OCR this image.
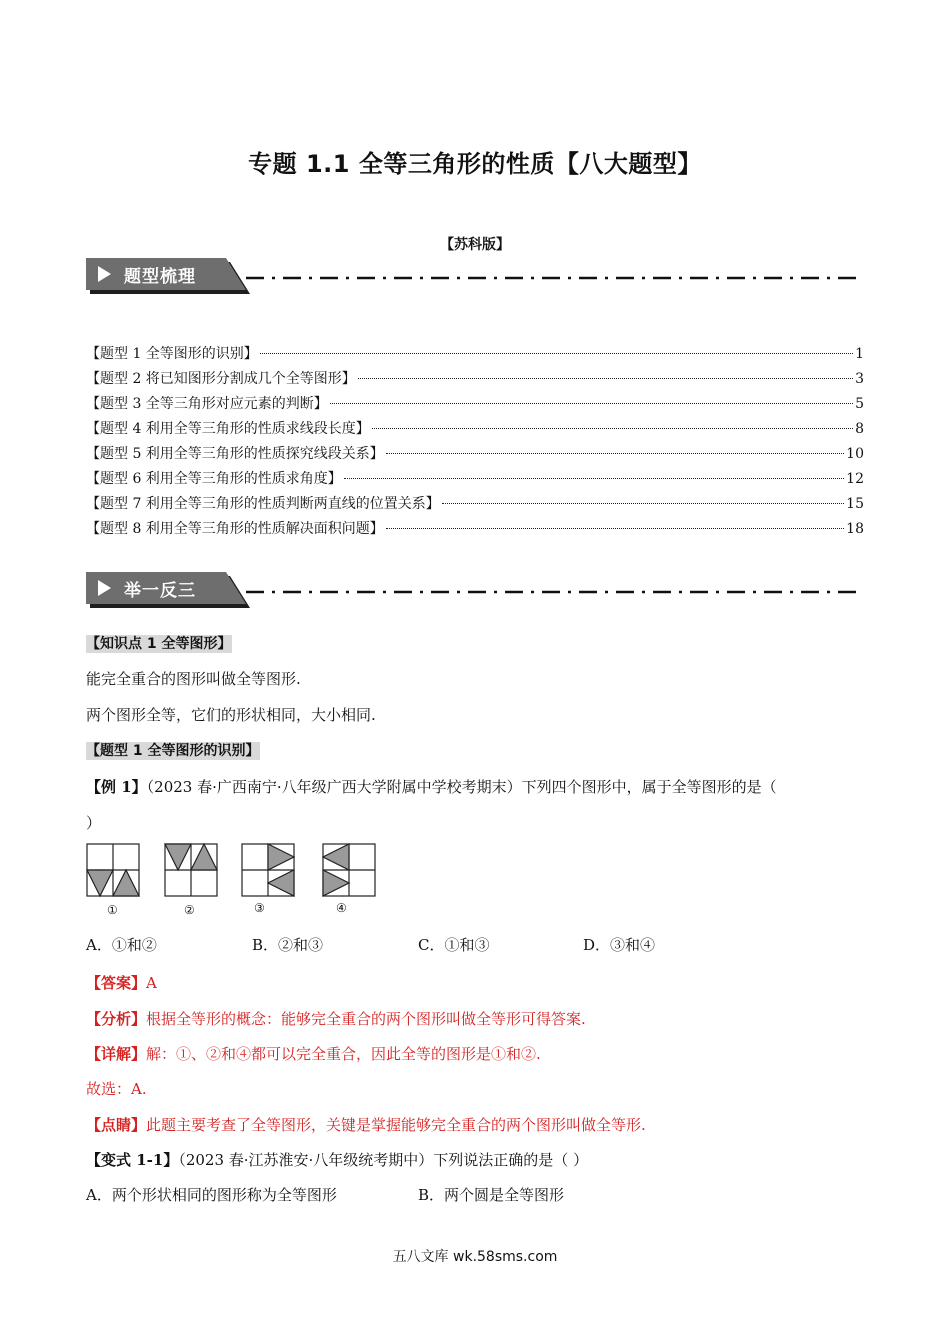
专题 1.1 全等三角形的性质【八大题型】
【苏科版】
题型梳理
【题型 1 全等图形的识别】	1
【题型 2 将已知图形分割成几个全等图形】	3
【题型 3 全等三角形对应元素的判断】	5
【题型 4 利用全等三角形的性质求线段长度】	8
【题型 5 利用全等三角形的性质探究线段关系】	10
【题型 6 利用全等三角形的性质求角度】	12
【题型 7 利用全等三角形的性质判断两直线的位置关系】	15
【题型 8 利用全等三角形的性质解决面积问题】	18
举一反三
【知识点 1 全等图形】
能完全重合的图形叫做全等图形.
两个图形全等，它们的形状相同，大小相同.
【题型 1 全等图形的识别】
【例 1】（2023 春·广西南宁·八年级广西大学附属中学校考期末）下列四个图形中，属于全等图形的是（
）
①	②	③	④
A．①和②	B．②和③	C．①和③	D．③和④
【答案】A
【分析】根据全等形的概念：能够完全重合的两个图形叫做全等形可得答案.
【详解】解：①、②和④都可以完全重合，因此全等的图形是①和②.
故选：A.
【点睛】此题主要考查了全等图形，关键是掌握能够完全重合的两个图形叫做全等形.
【变式 1-1】（2023 春·江苏淮安·八年级统考期中）下列说法正确的是（ ）
A．两个形状相同的图形称为全等图形	B．两个圆是全等图形
五八文库 wk.58sms.com
